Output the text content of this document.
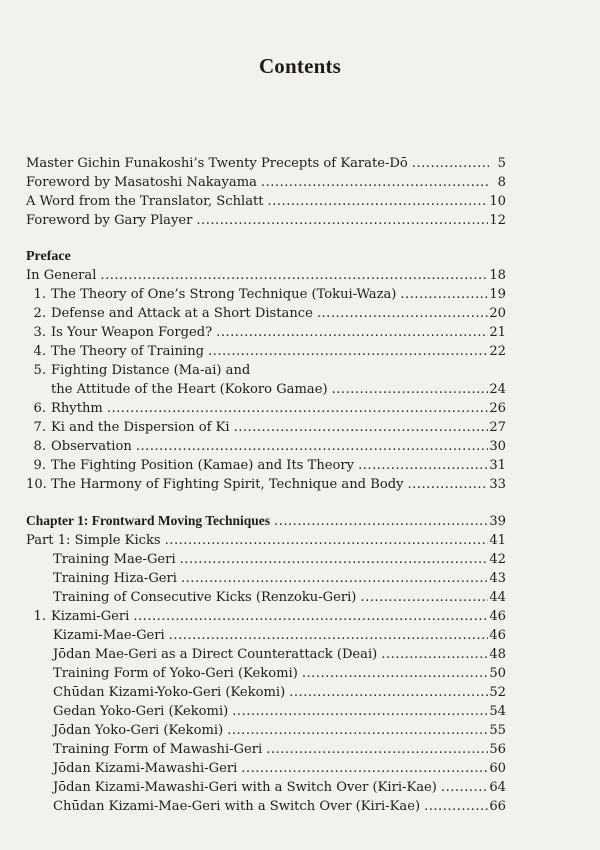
Contents
Master Gichin Funakoshi’s Twenty Precepts of Karate-Dō .....	5
Foreword by Masatoshi Nakayama .....	8
A Word from the Translator, Schlatt .....	10
Foreword by Gary Player .....	12
Preface
In General .....	18
1. The Theory of One’s Strong Technique (Tokui-Waza) .....	19
2. Defense and Attack at a Short Distance .....	20
3. Is Your Weapon Forged? .....	21
4. The Theory of Training .....	22
5. Fighting Distance (Ma-ai) and
the Attitude of the Heart (Kokoro Gamae) .....	24
6. Rhythm .....	26
7. Ki and the Dispersion of Ki .....	27
8. Observation .....	30
9. The Fighting Position (Kamae) and Its Theory .....	31
10. The Harmony of Fighting Spirit, Technique and Body .....	33
Chapter 1: Frontward Moving Techniques .....	39
Part 1: Simple Kicks .....	41
Training Mae-Geri .....	42
Training Hiza-Geri .....	43
Training of Consecutive Kicks (Renzoku-Geri) .....	44
1. Kizami-Geri .....	46
Kizami-Mae-Geri .....	46
Jōdan Mae-Geri as a Direct Counterattack (Deai) .....	48
Training Form of Yoko-Geri (Kekomi) .....	50
Chūdan Kizami-Yoko-Geri (Kekomi) .....	52
Gedan Yoko-Geri (Kekomi) .....	54
Jōdan Yoko-Geri (Kekomi) .....	55
Training Form of Mawashi-Geri .....	56
Jōdan Kizami-Mawashi-Geri .....	60
Jōdan Kizami-Mawashi-Geri with a Switch Over (Kiri-Kae) .....	64
Chūdan Kizami-Mae-Geri with a Switch Over (Kiri-Kae) .....	66
